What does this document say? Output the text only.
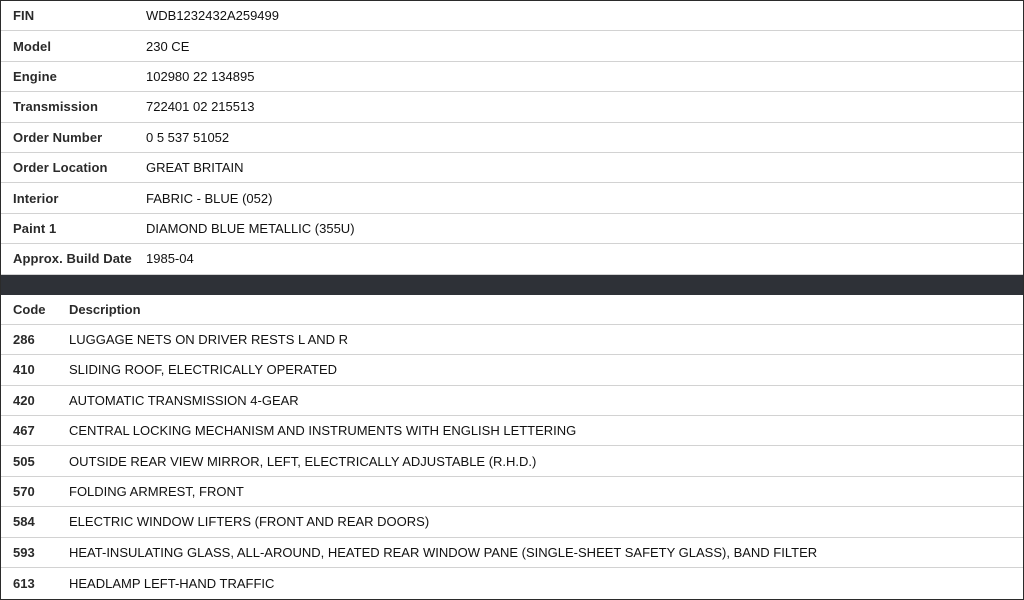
FIN	WDB1232432A259499
Model	230 CE
Engine	102980 22 134895
Transmission	722401 02 215513
Order Number	0 5 537 51052
Order Location	GREAT BRITAIN
Interior	FABRIC - BLUE (052)
Paint 1	DIAMOND BLUE METALLIC (355U)
Approx. Build Date	1985-04
Code	Description
286	LUGGAGE NETS ON DRIVER RESTS L AND R
410	SLIDING ROOF, ELECTRICALLY OPERATED
420	AUTOMATIC TRANSMISSION 4-GEAR
467	CENTRAL LOCKING MECHANISM AND INSTRUMENTS WITH ENGLISH LETTERING
505	OUTSIDE REAR VIEW MIRROR, LEFT, ELECTRICALLY ADJUSTABLE (R.H.D.)
570	FOLDING ARMREST, FRONT
584	ELECTRIC WINDOW LIFTERS (FRONT AND REAR DOORS)
593	HEAT-INSULATING GLASS, ALL-AROUND, HEATED REAR WINDOW PANE (SINGLE-SHEET SAFETY GLASS), BAND FILTER
613	HEADLAMP LEFT-HAND TRAFFIC
